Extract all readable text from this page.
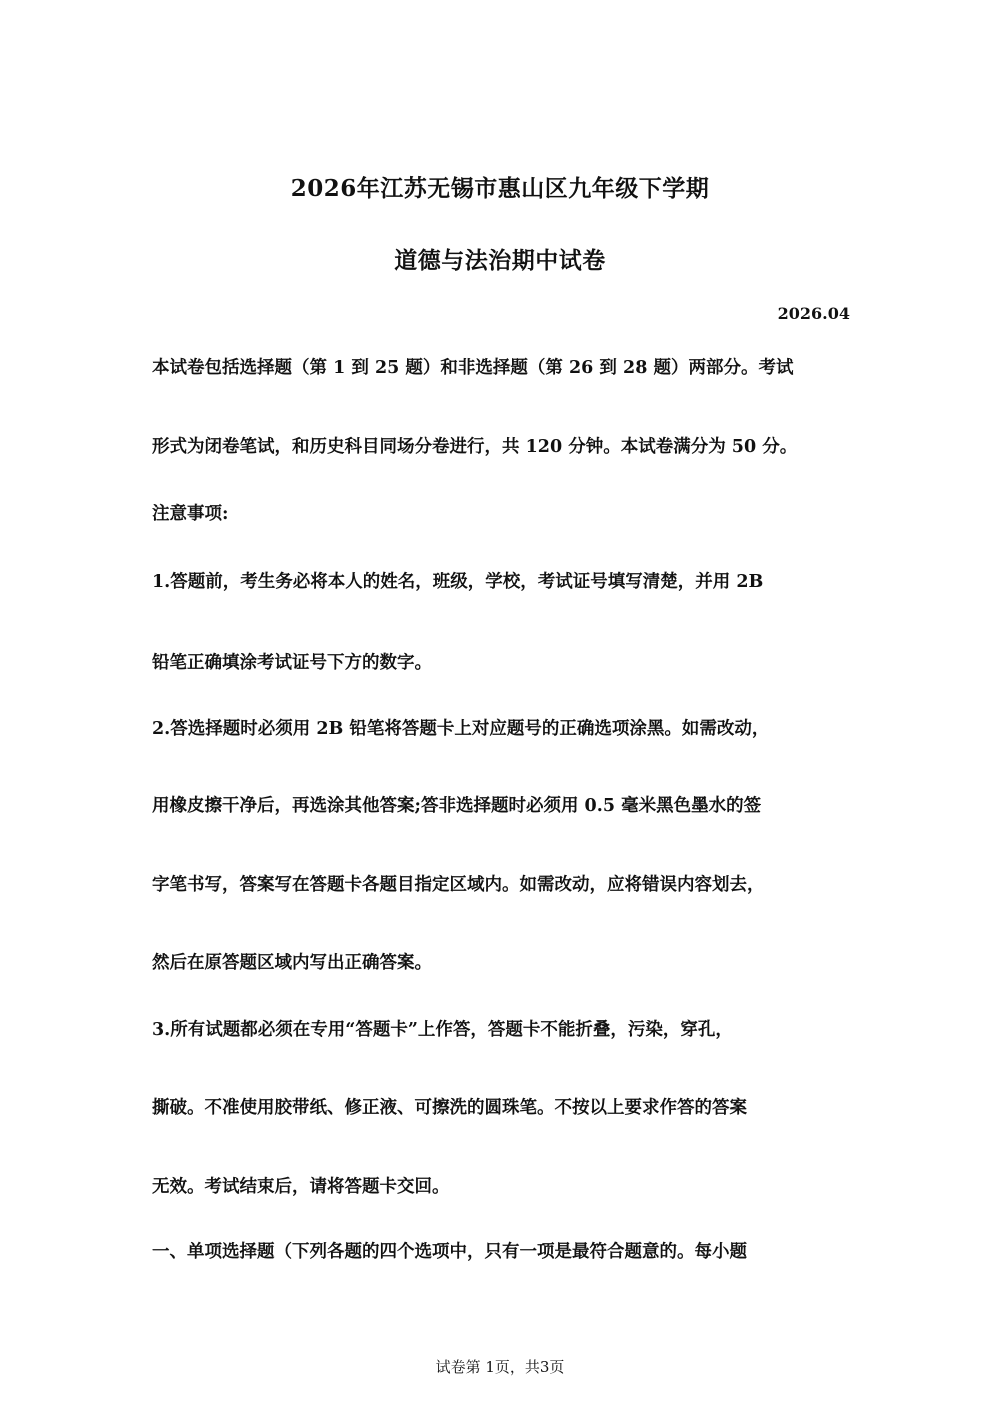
2026年江苏无锡市惠山区九年级下学期
道德与法治期中试卷
2026.04
本试卷包括选择题（第 1 到 25 题）和非选择题（第 26 到 28 题）两部分。考试
形式为闭卷笔试，和历史科目同场分卷进行，共 120 分钟。本试卷满分为 50 分。
注意事项:
1.答题前，考生务必将本人的姓名，班级，学校，考试证号填写清楚，并用 2B
铅笔正确填涂考试证号下方的数字。
2.答选择题时必须用 2B 铅笔将答题卡上对应题号的正确选项涂黑。如需改动，
用橡皮擦干净后，再选涂其他答案;答非选择题时必须用 0.5 毫米黑色墨水的签
字笔书写，答案写在答题卡各题目指定区域内。如需改动，应将错误内容划去，
然后在原答题区域内写出正确答案。
3.所有试题都必须在专用“答题卡”上作答，答题卡不能折叠，污染，穿孔，
撕破。不准使用胶带纸、修正液、可擦洗的圆珠笔。不按以上要求作答的答案
无效。考试结束后，请将答题卡交回。
一、单项选择题（下列各题的四个选项中，只有一项是最符合题意的。每小题
试卷第 1页，共3页
